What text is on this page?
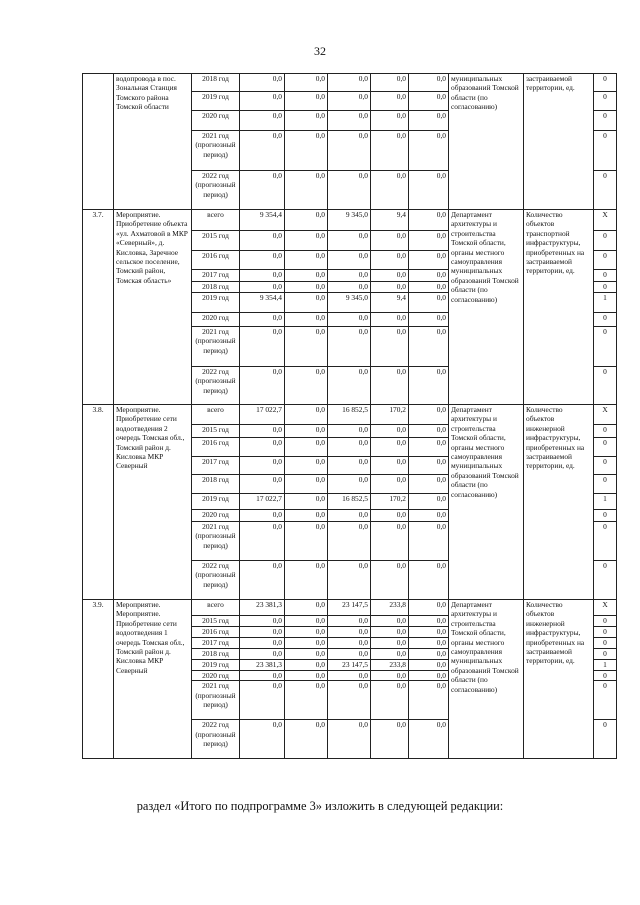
32
	водопровода в пос. Зональная Станция Томского района Томской области	2018 год	0,0	0,0	0,0	0,0	0,0	муниципальных образований Томской области (по согласованию)	застраиваемой территории, ед.	0
		2019 год	0,0	0,0	0,0	0,0	0,0			0
		2020 год	0,0	0,0	0,0	0,0	0,0			0
		2021 год (прогнозный период)	0,0	0,0	0,0	0,0	0,0			0
		2022 год (прогнозный период)	0,0	0,0	0,0	0,0	0,0			0
3.7.	Мероприятие. Приобретение объекта «ул. Ахматовой в МКР «Северный», д. Кисловка, Заречное сельское поселение, Томский район, Томская область»	всего	9 354,4	0,0	9 345,0	9,4	0,0	Департамент архитектуры и строительства Томской области, органы местного самоуправления муниципальных образований Томской области (по согласованию)	Количество объектов транспортной инфраструктуры, приобретенных на застраиваемой территории, ед.	X
		2015 год	0,0	0,0	0,0	0,0	0,0			0
		2016 год	0,0	0,0	0,0	0,0	0,0			0
		2017 год	0,0	0,0	0,0	0,0	0,0			0
		2018 год	0,0	0,0	0,0	0,0	0,0			0
		2019 год	9 354,4	0,0	9 345,0	9,4	0,0			1
		2020 год	0,0	0,0	0,0	0,0	0,0			0
		2021 год (прогнозный период)	0,0	0,0	0,0	0,0	0,0			0
		2022 год (прогнозный период)	0,0	0,0	0,0	0,0	0,0			0
3.8.	Мероприятие. Приобретение сети водоотведения 2 очередь Томская обл., Томский район д. Кисловка МКР Северный	всего	17 022,7	0,0	16 852,5	170,2	0,0	Департамент архитектуры и строительства Томской области, органы местного самоуправления муниципальных образований Томской области (по согласованию)	Количество объектов инженерной инфраструктуры, приобретенных на застраиваемой территории, ед.	X
		2015 год	0,0	0,0	0,0	0,0	0,0			0
		2016 год	0,0	0,0	0,0	0,0	0,0			0
		2017 год	0,0	0,0	0,0	0,0	0,0			0
		2018 год	0,0	0,0	0,0	0,0	0,0			0
		2019 год	17 022,7	0,0	16 852,5	170,2	0,0			1
		2020 год	0,0	0,0	0,0	0,0	0,0			0
		2021 год (прогнозный период)	0,0	0,0	0,0	0,0	0,0			0
		2022 год (прогнозный период)	0,0	0,0	0,0	0,0	0,0			0
3.9.	Мероприятие. Мероприятие. Приобретение сети водоотведения 1 очередь Томская обл., Томский район д. Кисловка МКР Северный	всего	23 381,3	0,0	23 147,5	233,8	0,0	Департамент архитектуры и строительства Томской области, органы местного самоуправления муниципальных образований Томской области (по согласованию)	Количество объектов инженерной инфраструктуры, приобретенных на застраиваемой территории, ед.	X
		2015 год	0,0	0,0	0,0	0,0	0,0			0
		2016 год	0,0	0,0	0,0	0,0	0,0			0
		2017 год	0,0	0,0	0,0	0,0	0,0			0
		2018 год	0,0	0,0	0,0	0,0	0,0			0
		2019 год	23 381,3	0,0	23 147,5	233,8	0,0			1
		2020 год	0,0	0,0	0,0	0,0	0,0			0
		2021 год (прогнозный период)	0,0	0,0	0,0	0,0	0,0			0
		2022 год (прогнозный период)	0,0	0,0	0,0	0,0	0,0			0
раздел «Итого по подпрограмме 3» изложить в следующей редакции:
